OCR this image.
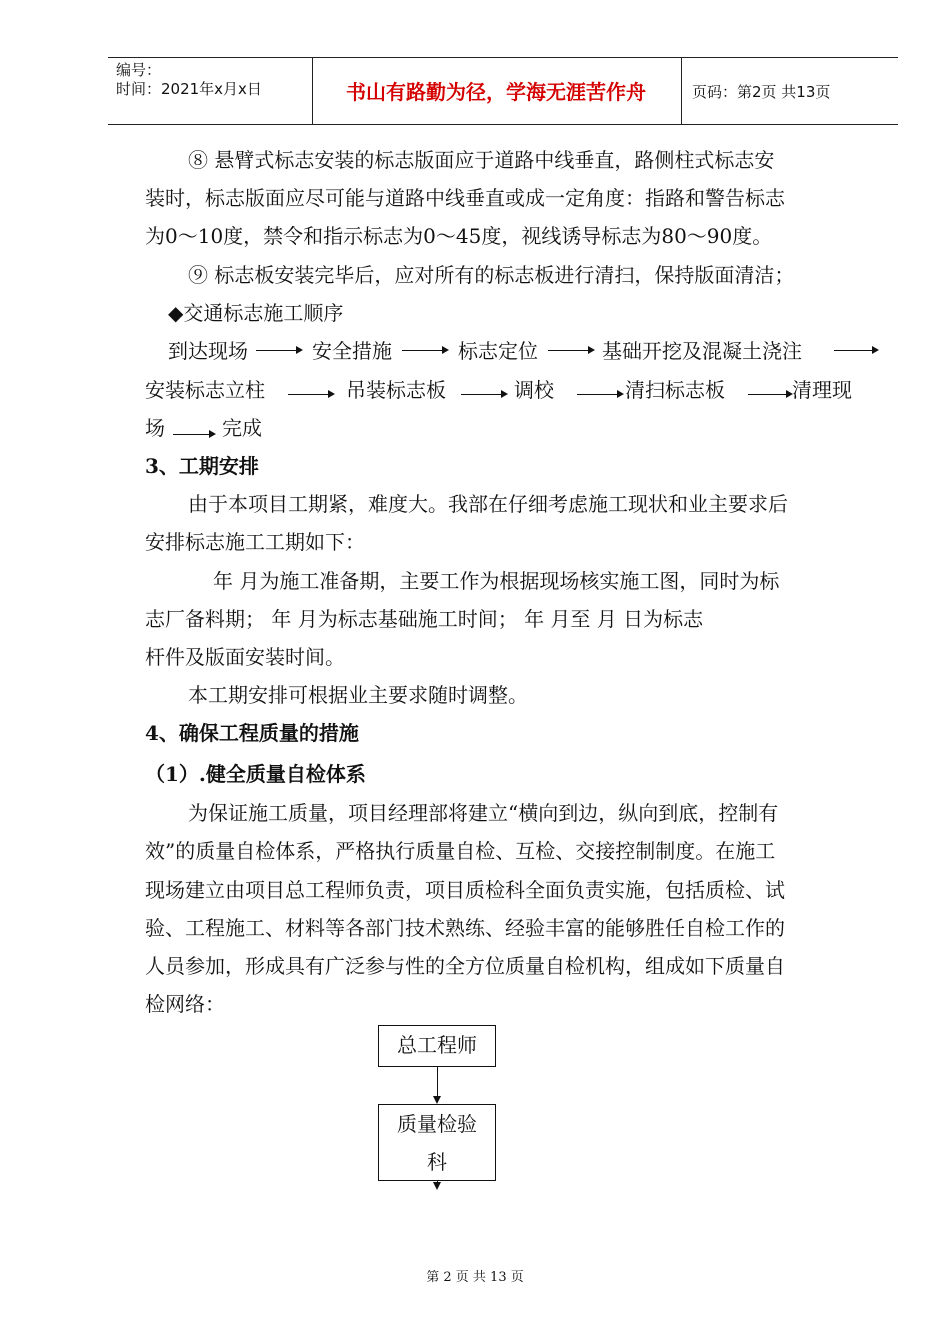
编号：
时间：2021年x月x日	书山有路勤为径，学海无涯苦作舟	页码：第2页 共13页
⑧ 悬臂式标志安装的标志版面应于道路中线垂直，路侧柱式标志安
装时，标志版面应尽可能与道路中线垂直或成一定角度：指路和警告标志
为0～10度，禁令和指示标志为0～45度，视线诱导标志为80～90度。
⑨ 标志板安装完毕后，应对所有的标志板进行清扫，保持版面清洁；
◆交通标志施工顺序
到达现场	安全措施	标志定位	基础开挖及混凝土浇注
安装标志立柱	吊装标志板	调校	清扫标志板	清理现
场	完成
3、工期安排
由于本项目工期紧，难度大。我部在仔细考虑施工现状和业主要求后
安排标志施工工期如下：
年 月为施工准备期，主要工作为根据现场核实施工图，同时为标
志厂备料期； 年 月为标志基础施工时间； 年 月至 月 日为标志
杆件及版面安装时间。
本工期安排可根据业主要求随时调整。
4、确保工程质量的措施
（1）.健全质量自检体系
为保证施工质量，项目经理部将建立“横向到边，纵向到底，控制有
效”的质量自检体系，严格执行质量自检、互检、交接控制制度。在施工
现场建立由项目总工程师负责，项目质检科全面负责实施，包括质检、试
验、工程施工、材料等各部门技术熟练、经验丰富的能够胜任自检工作的
人员参加，形成具有广泛参与性的全方位质量自检机构，组成如下质量自
检网络：
总工程师
质量检验
科
第 2 页 共 13 页
